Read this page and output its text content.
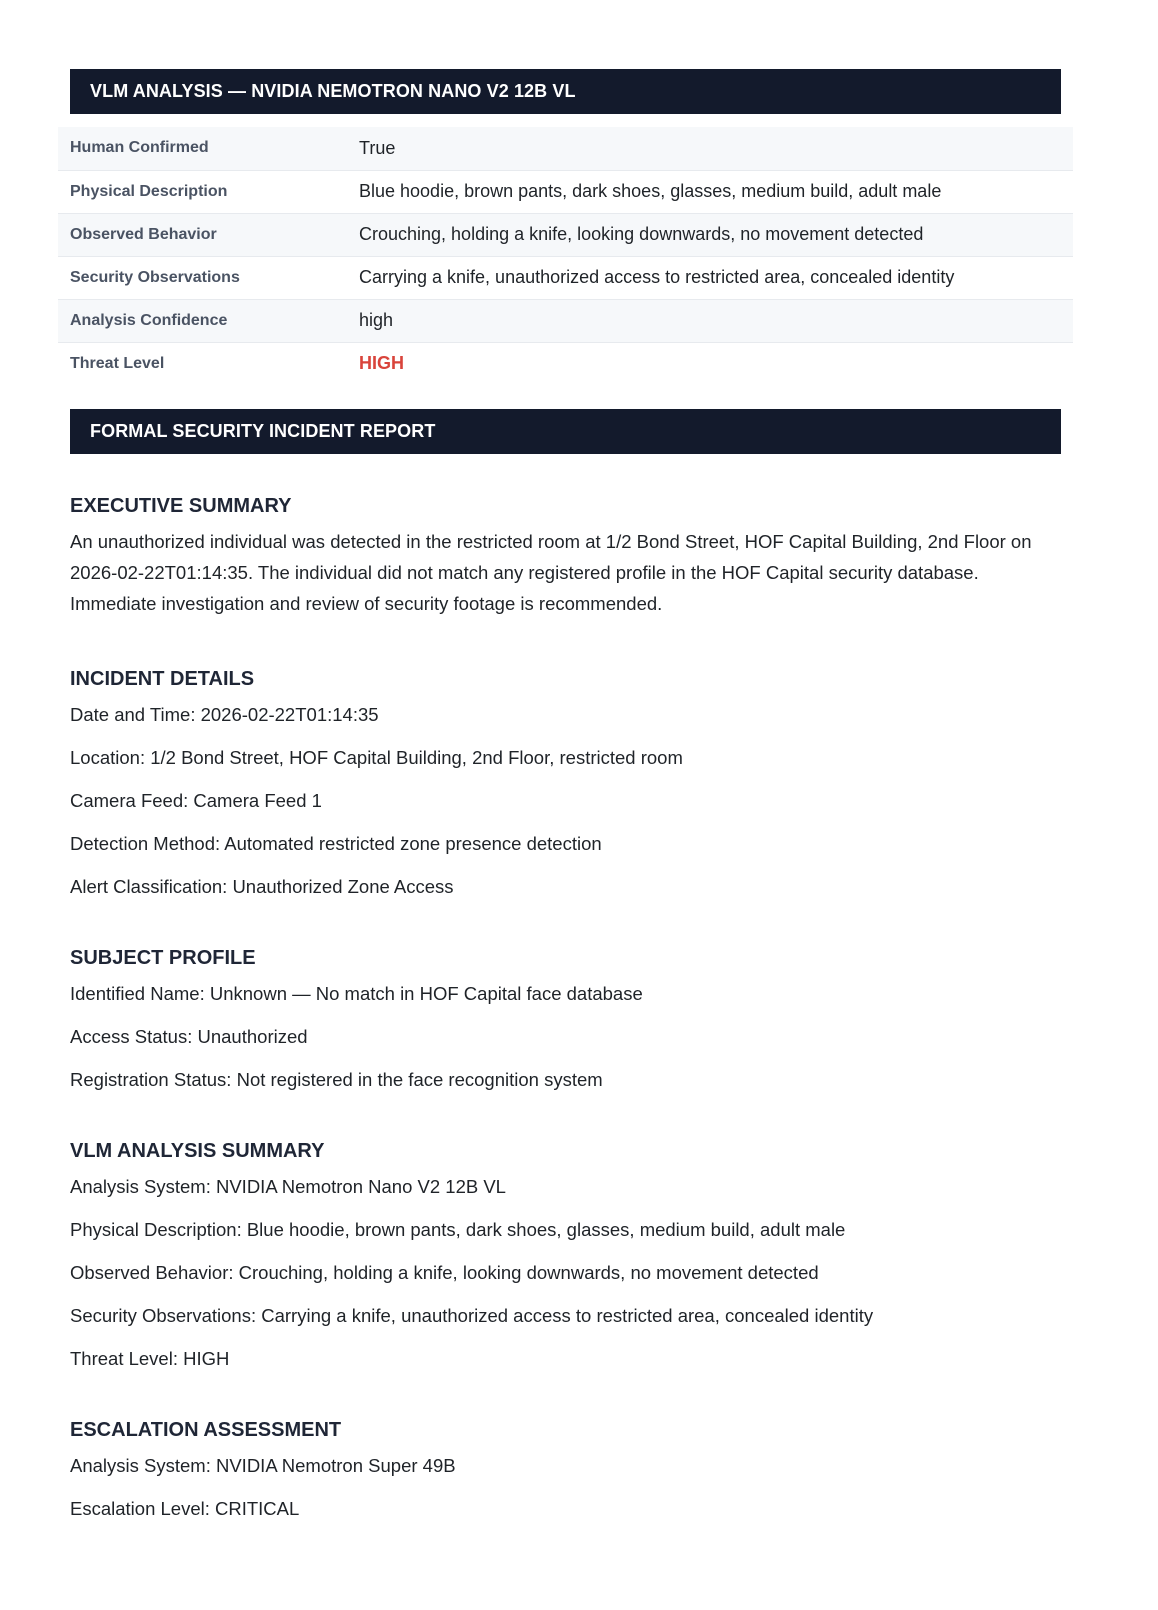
VLM ANALYSIS — NVIDIA NEMOTRON NANO V2 12B VL
Human Confirmed	True
Physical Description	Blue hoodie, brown pants, dark shoes, glasses, medium build, adult male
Observed Behavior	Crouching, holding a knife, looking downwards, no movement detected
Security Observations	Carrying a knife, unauthorized access to restricted area, concealed identity
Analysis Confidence	high
Threat Level	HIGH
FORMAL SECURITY INCIDENT REPORT
EXECUTIVE SUMMARY

An unauthorized individual was detected in the restricted room at 1/2 Bond Street, HOF Capital Building, 2nd Floor on 2026-02-22T01:14:35. The individual did not match any registered profile in the HOF Capital security database. Immediate investigation and review of security footage is recommended.

INCIDENT DETAILS

Date and Time: 2026-02-22T01:14:35

Location: 1/2 Bond Street, HOF Capital Building, 2nd Floor, restricted room

Camera Feed: Camera Feed 1

Detection Method: Automated restricted zone presence detection

Alert Classification: Unauthorized Zone Access

SUBJECT PROFILE

Identified Name: Unknown — No match in HOF Capital face database

Access Status: Unauthorized

Registration Status: Not registered in the face recognition system

VLM ANALYSIS SUMMARY

Analysis System: NVIDIA Nemotron Nano V2 12B VL

Physical Description: Blue hoodie, brown pants, dark shoes, glasses, medium build, adult male

Observed Behavior: Crouching, holding a knife, looking downwards, no movement detected

Security Observations: Carrying a knife, unauthorized access to restricted area, concealed identity

Threat Level: HIGH

ESCALATION ASSESSMENT

Analysis System: NVIDIA Nemotron Super 49B

Escalation Level: CRITICAL
